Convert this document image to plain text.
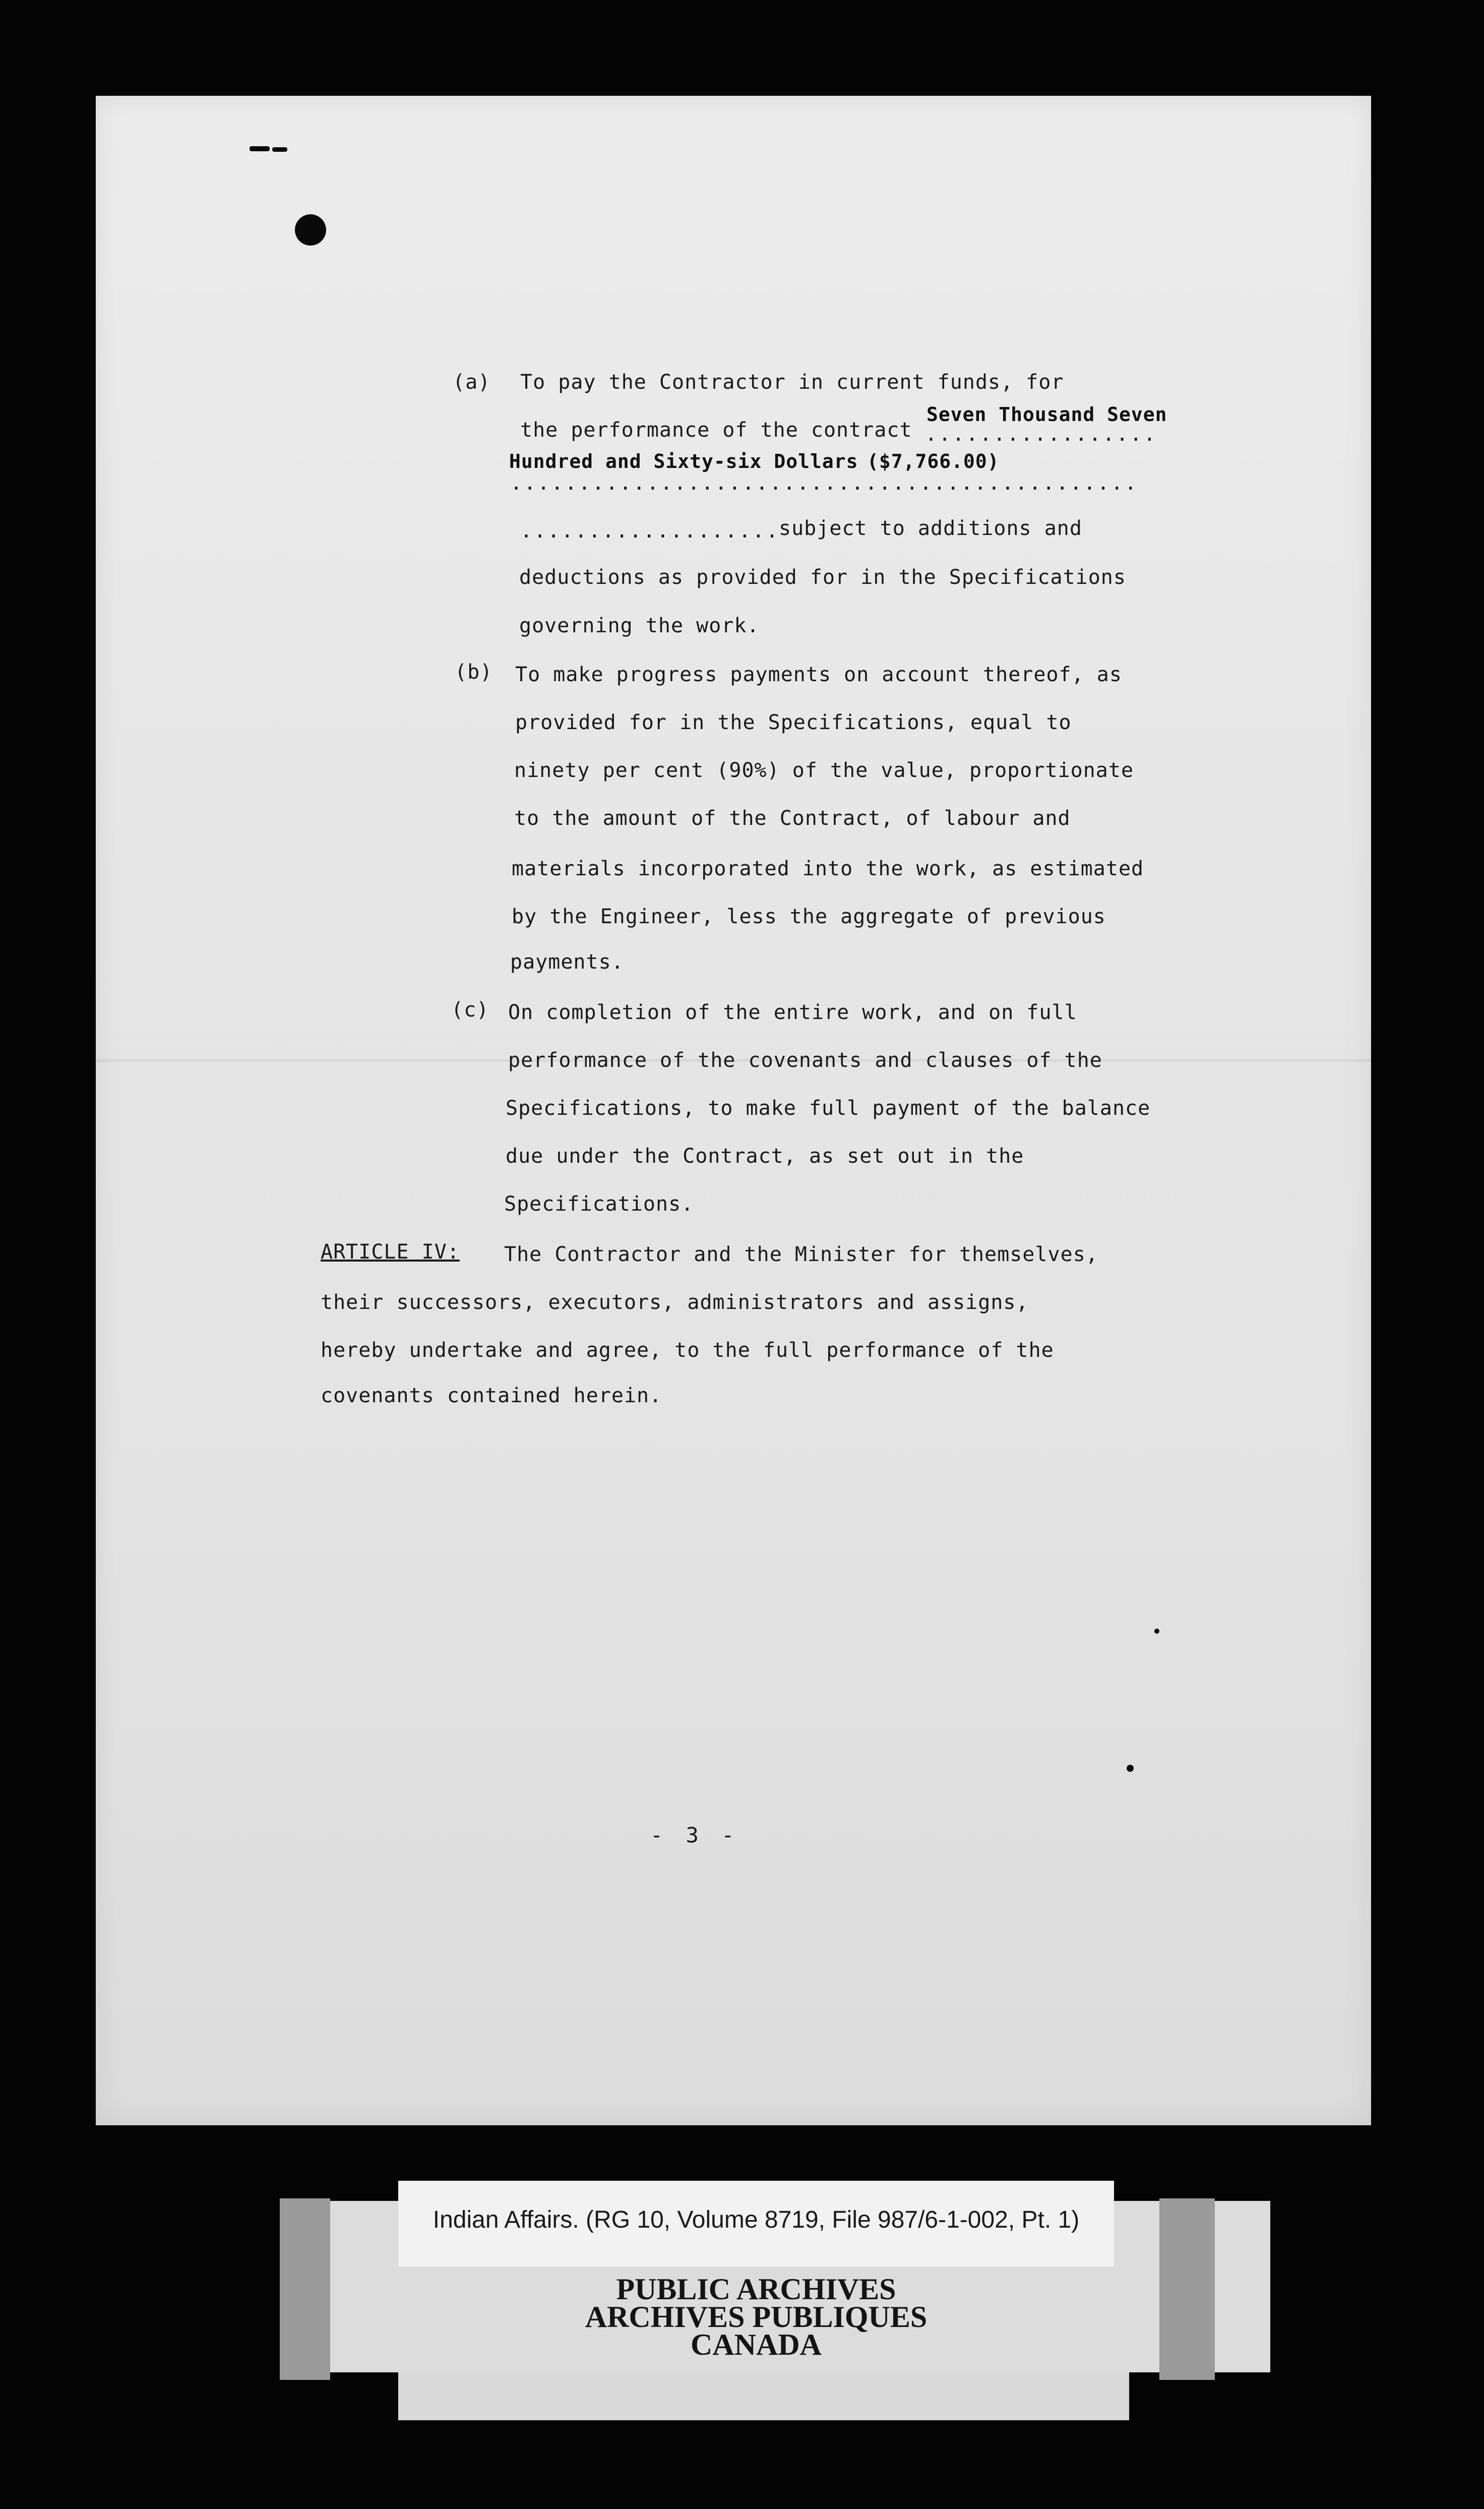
(a) To pay the Contractor in current funds, for
the performance of the contract .................
Seven Thousand Seven
Hundred and Sixty-six Dollars ($7,766.00)
..............................................
...................
subject to additions and
deductions as provided for in the Specifications
governing the work.
(b) To make progress payments on account thereof, as
provided for in the Specifications, equal to
ninety per cent (90%) of the value, proportionate
to the amount of the Contract, of labour and
materials incorporated into the work, as estimated
by the Engineer, less the aggregate of previous
payments.
(c) On completion of the entire work, and on full
performance of the covenants and clauses of the
Specifications, to make full payment of the balance
due under the Contract, as set out in the
Specifications.
ARTICLE IV: The Contractor and the Minister for themselves,
their successors, executors, administrators and assigns,
hereby undertake and agree, to the full performance of the
covenants contained herein.
- 3 -
Indian Affairs. (RG 10, Volume 8719, File 987/6-1-002, Pt. 1)
PUBLIC ARCHIVES
ARCHIVES PUBLIQUES
CANADA
